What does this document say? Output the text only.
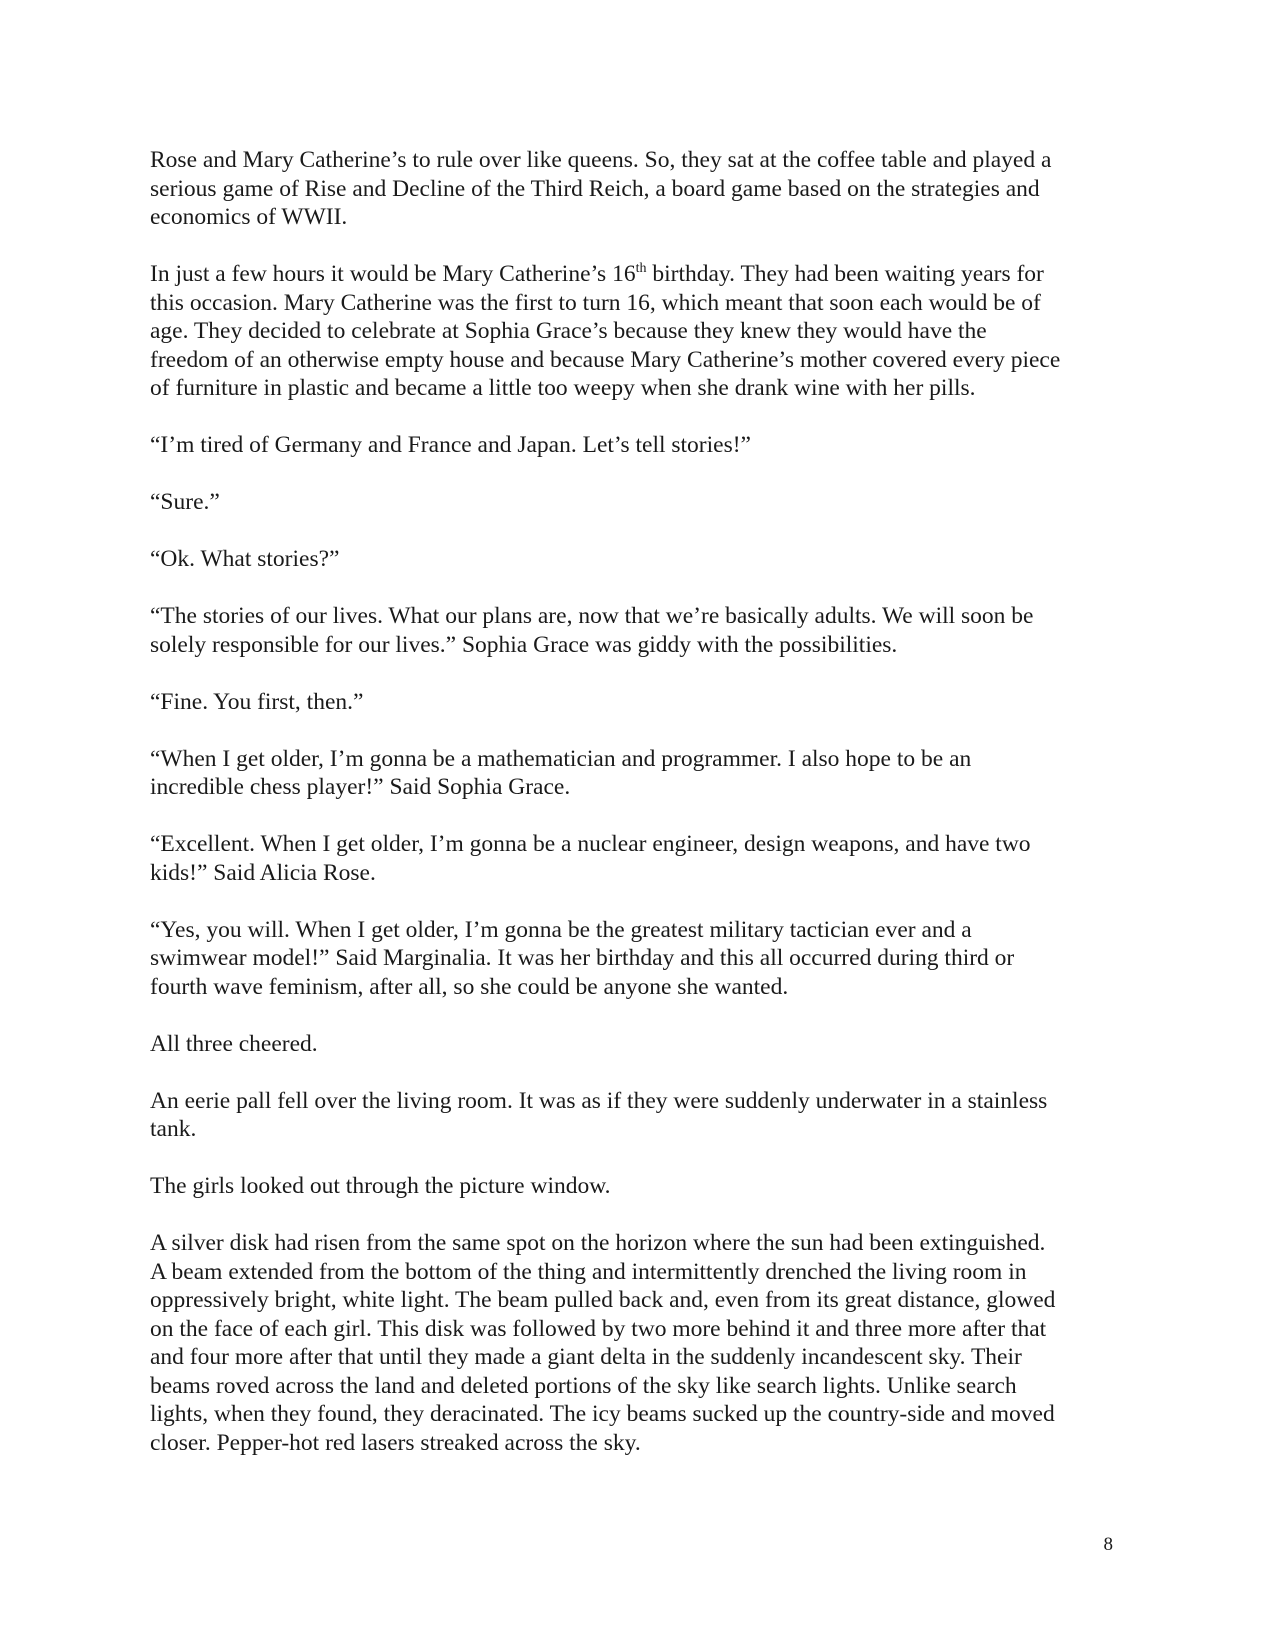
Rose and Mary Catherine’s to rule over like queens. So, they sat at the coffee table and played a
serious game of Rise and Decline of the Third Reich, a board game based on the strategies and
economics of WWII.

In just a few hours it would be Mary Catherine’s 16th birthday. They had been waiting years for
this occasion. Mary Catherine was the first to turn 16, which meant that soon each would be of
age. They decided to celebrate at Sophia Grace’s because they knew they would have the
freedom of an otherwise empty house and because Mary Catherine’s mother covered every piece
of furniture in plastic and became a little too weepy when she drank wine with her pills.

“I’m tired of Germany and France and Japan. Let’s tell stories!”

“Sure.”

“Ok. What stories?”

“The stories of our lives. What our plans are, now that we’re basically adults. We will soon be
solely responsible for our lives.” Sophia Grace was giddy with the possibilities.

“Fine. You first, then.”

“When I get older, I’m gonna be a mathematician and programmer. I also hope to be an
incredible chess player!” Said Sophia Grace.

“Excellent. When I get older, I’m gonna be a nuclear engineer, design weapons, and have two
kids!” Said Alicia Rose.

“Yes, you will. When I get older, I’m gonna be the greatest military tactician ever and a
swimwear model!” Said Marginalia. It was her birthday and this all occurred during third or
fourth wave feminism, after all, so she could be anyone she wanted.

All three cheered.

An eerie pall fell over the living room. It was as if they were suddenly underwater in a stainless
tank.

The girls looked out through the picture window.

A silver disk had risen from the same spot on the horizon where the sun had been extinguished.
A beam extended from the bottom of the thing and intermittently drenched the living room in
oppressively bright, white light. The beam pulled back and, even from its great distance, glowed
on the face of each girl. This disk was followed by two more behind it and three more after that
and four more after that until they made a giant delta in the suddenly incandescent sky. Their
beams roved across the land and deleted portions of the sky like search lights. Unlike search
lights, when they found, they deracinated. The icy beams sucked up the country-side and moved
closer. Pepper-hot red lasers streaked across the sky.

8
